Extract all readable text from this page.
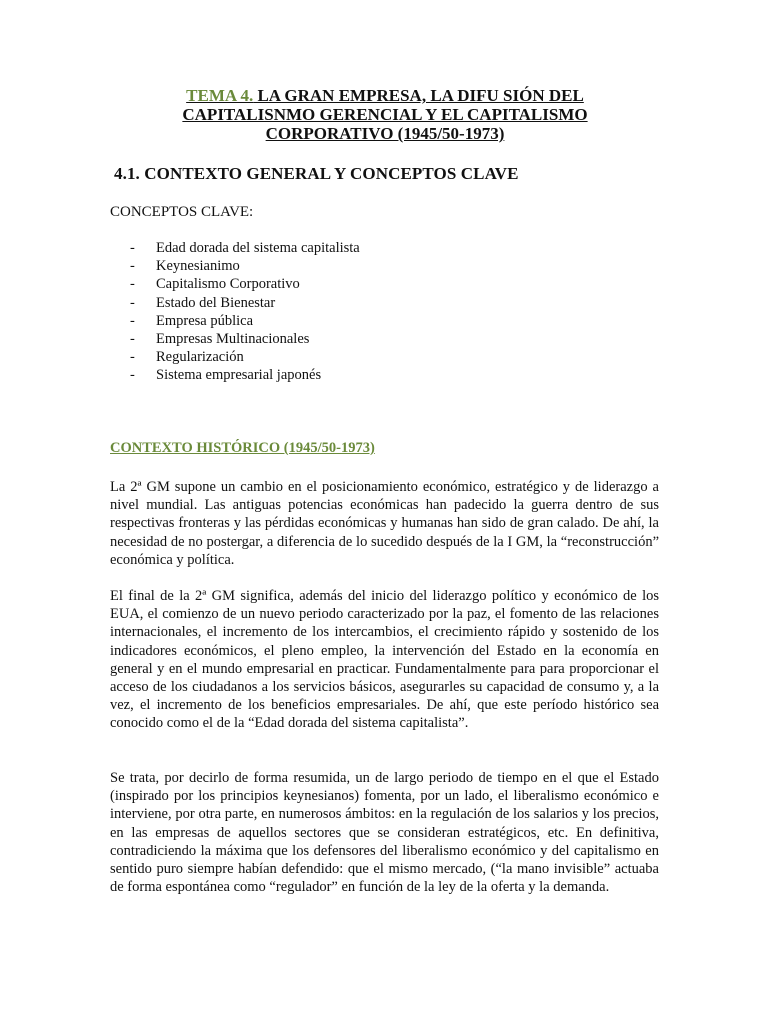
TEMA 4. LA GRAN EMPRESA, LA DIFU SIÓN DEL CAPITALISNMO GERENCIAL Y EL CAPITALISMO CORPORATIVO (1945/50-1973)
4.1. CONTEXTO GENERAL Y CONCEPTOS CLAVE
CONCEPTOS CLAVE:
- Edad dorada del sistema capitalista
- Keynesianimo
- Capitalismo Corporativo
- Estado del Bienestar
- Empresa pública
- Empresas Multinacionales
- Regularización
- Sistema empresarial japonés
CONTEXTO HISTÓRICO (1945/50-1973)

La 2ª GM supone un cambio en el posicionamiento económico, estratégico y de liderazgo a nivel mundial. Las antiguas potencias económicas han padecido la guerra dentro de sus respectivas fronteras y las pérdidas económicas y humanas han sido de gran calado. De ahí, la necesidad de no postergar, a diferencia de lo sucedido después de la I GM, la “reconstrucción” económica y política.

El final de la 2ª GM significa, además del inicio del liderazgo político y económico de los EUA, el comienzo de un nuevo periodo caracterizado por la paz, el fomento de las relaciones internacionales, el incremento de los intercambios, el crecimiento rápido y sostenido de los indicadores económicos, el pleno empleo, la intervención del Estado en la economía en general y en el mundo empresarial en practicar. Fundamentalmente para para proporcionar el acceso de los ciudadanos a los servicios básicos, asegurarles su capacidad de consumo y, a la vez, el incremento de los beneficios empresariales. De ahí, que este período histórico sea conocido como el de la “Edad dorada del sistema capitalista”.

Se trata, por decirlo de forma resumida, un de largo periodo de tiempo en el que el Estado (inspirado por los principios keynesianos) fomenta, por un lado, el liberalismo económico e interviene, por otra parte, en numerosos ámbitos: en la regulación de los salarios y los precios, en las empresas de aquellos sectores que se consideran estratégicos, etc. En definitiva, contradiciendo la máxima que los defensores del liberalismo económico y del capitalismo en sentido puro siempre habían defendido: que el mismo mercado, (“la mano invisible” actuaba de forma espontánea como “regulador” en función de la ley de la oferta y la demanda.
